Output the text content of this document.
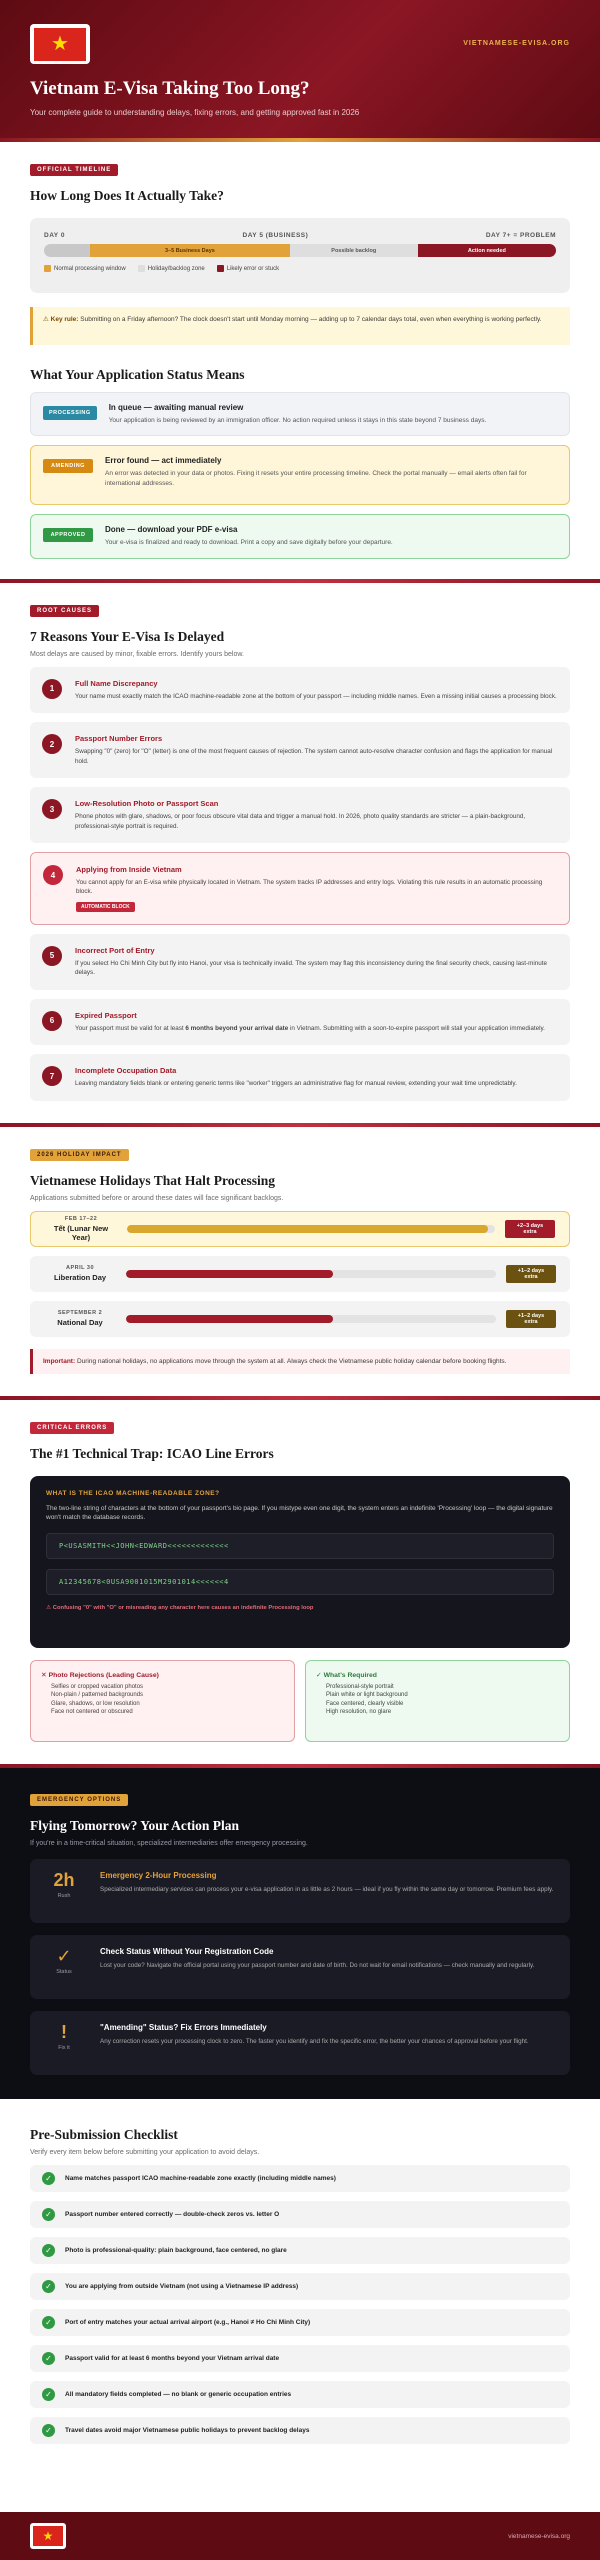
★	VIETNAMESE-EVISA.ORG
Vietnam E-Visa Taking Too Long?

Your complete guide to understanding delays, fixing errors, and getting approved fast in 2026

OFFICIAL TIMELINE
How Long Does It Actually Take?
DAY 0	DAY 5 (BUSINESS)	DAY 7+ = PROBLEM
3–5 Business Days	Possible backlog	Action needed
Normal processing window	Holiday/backlog zone	Likely error or stuck
⚠ Key rule: Submitting on a Friday afternoon? The clock doesn't start until Monday morning — adding up to 7 calendar days total, even when everything is working perfectly.
What Your Application Status Means
PROCESSING
In queue — awaiting manual review
Your application is being reviewed by an immigration officer. No action required unless it stays in this state beyond 7 business days.
AMENDING
Error found — act immediately
An error was detected in your data or photos. Fixing it resets your entire processing timeline. Check the portal manually — email alerts often fail for international addresses.
APPROVED
Done — download your PDF e-visa
Your e-visa is finalized and ready to download. Print a copy and save digitally before your departure.
ROOT CAUSES
7 Reasons Your E-Visa Is Delayed
Most delays are caused by minor, fixable errors. Identify yours below.
1
Full Name Discrepancy
Your name must exactly match the ICAO machine-readable zone at the bottom of your passport — including middle names. Even a missing initial causes a processing block.
2
Passport Number Errors
Swapping "0" (zero) for "O" (letter) is one of the most frequent causes of rejection. The system cannot auto-resolve character confusion and flags the application for manual hold.
3
Low-Resolution Photo or Passport Scan
Phone photos with glare, shadows, or poor focus obscure vital data and trigger a manual hold. In 2026, photo quality standards are stricter — a plain-background, professional-style portrait is required.
4
Applying from Inside Vietnam
You cannot apply for an E-visa while physically located in Vietnam. The system tracks IP addresses and entry logs. Violating this rule results in an automatic processing block.
AUTOMATIC BLOCK
5
Incorrect Port of Entry
If you select Ho Chi Minh City but fly into Hanoi, your visa is technically invalid. The system may flag this inconsistency during the final security check, causing last-minute delays.
6
Expired Passport
Your passport must be valid for at least 6 months beyond your arrival date in Vietnam. Submitting with a soon-to-expire passport will stall your application immediately.
7
Incomplete Occupation Data
Leaving mandatory fields blank or entering generic terms like "worker" triggers an administrative flag for manual review, extending your wait time unpredictably.
2026 HOLIDAY IMPACT
Vietnamese Holidays That Halt Processing
Applications submitted before or around these dates will face significant backlogs.
FEB 17–22
Tết (Lunar New Year)
+2–3 days extra
APRIL 30
Liberation Day
+1–2 days extra
SEPTEMBER 2
National Day
+1–2 days extra
Important: During national holidays, no applications move through the system at all. Always check the Vietnamese public holiday calendar before booking flights.
CRITICAL ERRORS
The #1 Technical Trap: ICAO Line Errors
WHAT IS THE ICAO MACHINE-READABLE ZONE?
The two-line string of characters at the bottom of your passport's bio page. If you mistype even one digit, the system enters an indefinite 'Processing' loop — the digital signature won't match the database records.
P<USASMITH<<JOHN<EDWARD<<<<<<<<<<<<<
A12345678<0USA9001015M2901014<<<<<<4
⚠ Confusing "0" with "O" or misreading any character here causes an indefinite Processing loop
✕ Photo Rejections (Leading Cause)
Selfies or cropped vacation photos
Non-plain / patterned backgrounds
Glare, shadows, or low resolution
Face not centered or obscured
✓ What's Required
Professional-style portrait
Plain white or light background
Face centered, clearly visible
High resolution, no glare
EMERGENCY OPTIONS
Flying Tomorrow? Your Action Plan
If you're in a time-critical situation, specialized intermediaries offer emergency processing.
2h
Rush
Emergency 2-Hour Processing
Specialized intermediary services can process your e-visa application in as little as 2 hours — ideal if you fly within the same day or tomorrow. Premium fees apply.
✓
Status
Check Status Without Your Registration Code
Lost your code? Navigate the official portal using your passport number and date of birth. Do not wait for email notifications — check manually and regularly.
!
Fix it
"Amending" Status? Fix Errors Immediately
Any correction resets your processing clock to zero. The faster you identify and fix the specific error, the better your chances of approval before your flight.
Pre-Submission Checklist
Verify every item below before submitting your application to avoid delays.
✓	Name matches passport ICAO machine-readable zone exactly (including middle names)
✓	Passport number entered correctly — double-check zeros vs. letter O
✓	Photo is professional-quality: plain background, face centered, no glare
✓	You are applying from outside Vietnam (not using a Vietnamese IP address)
✓	Port of entry matches your actual arrival airport (e.g., Hanoi ≠ Ho Chi Minh City)
✓	Passport valid for at least 6 months beyond your Vietnam arrival date
✓	All mandatory fields completed — no blank or generic occupation entries
✓	Travel dates avoid major Vietnamese public holidays to prevent backlog delays
★	vietnamese-evisa.org
